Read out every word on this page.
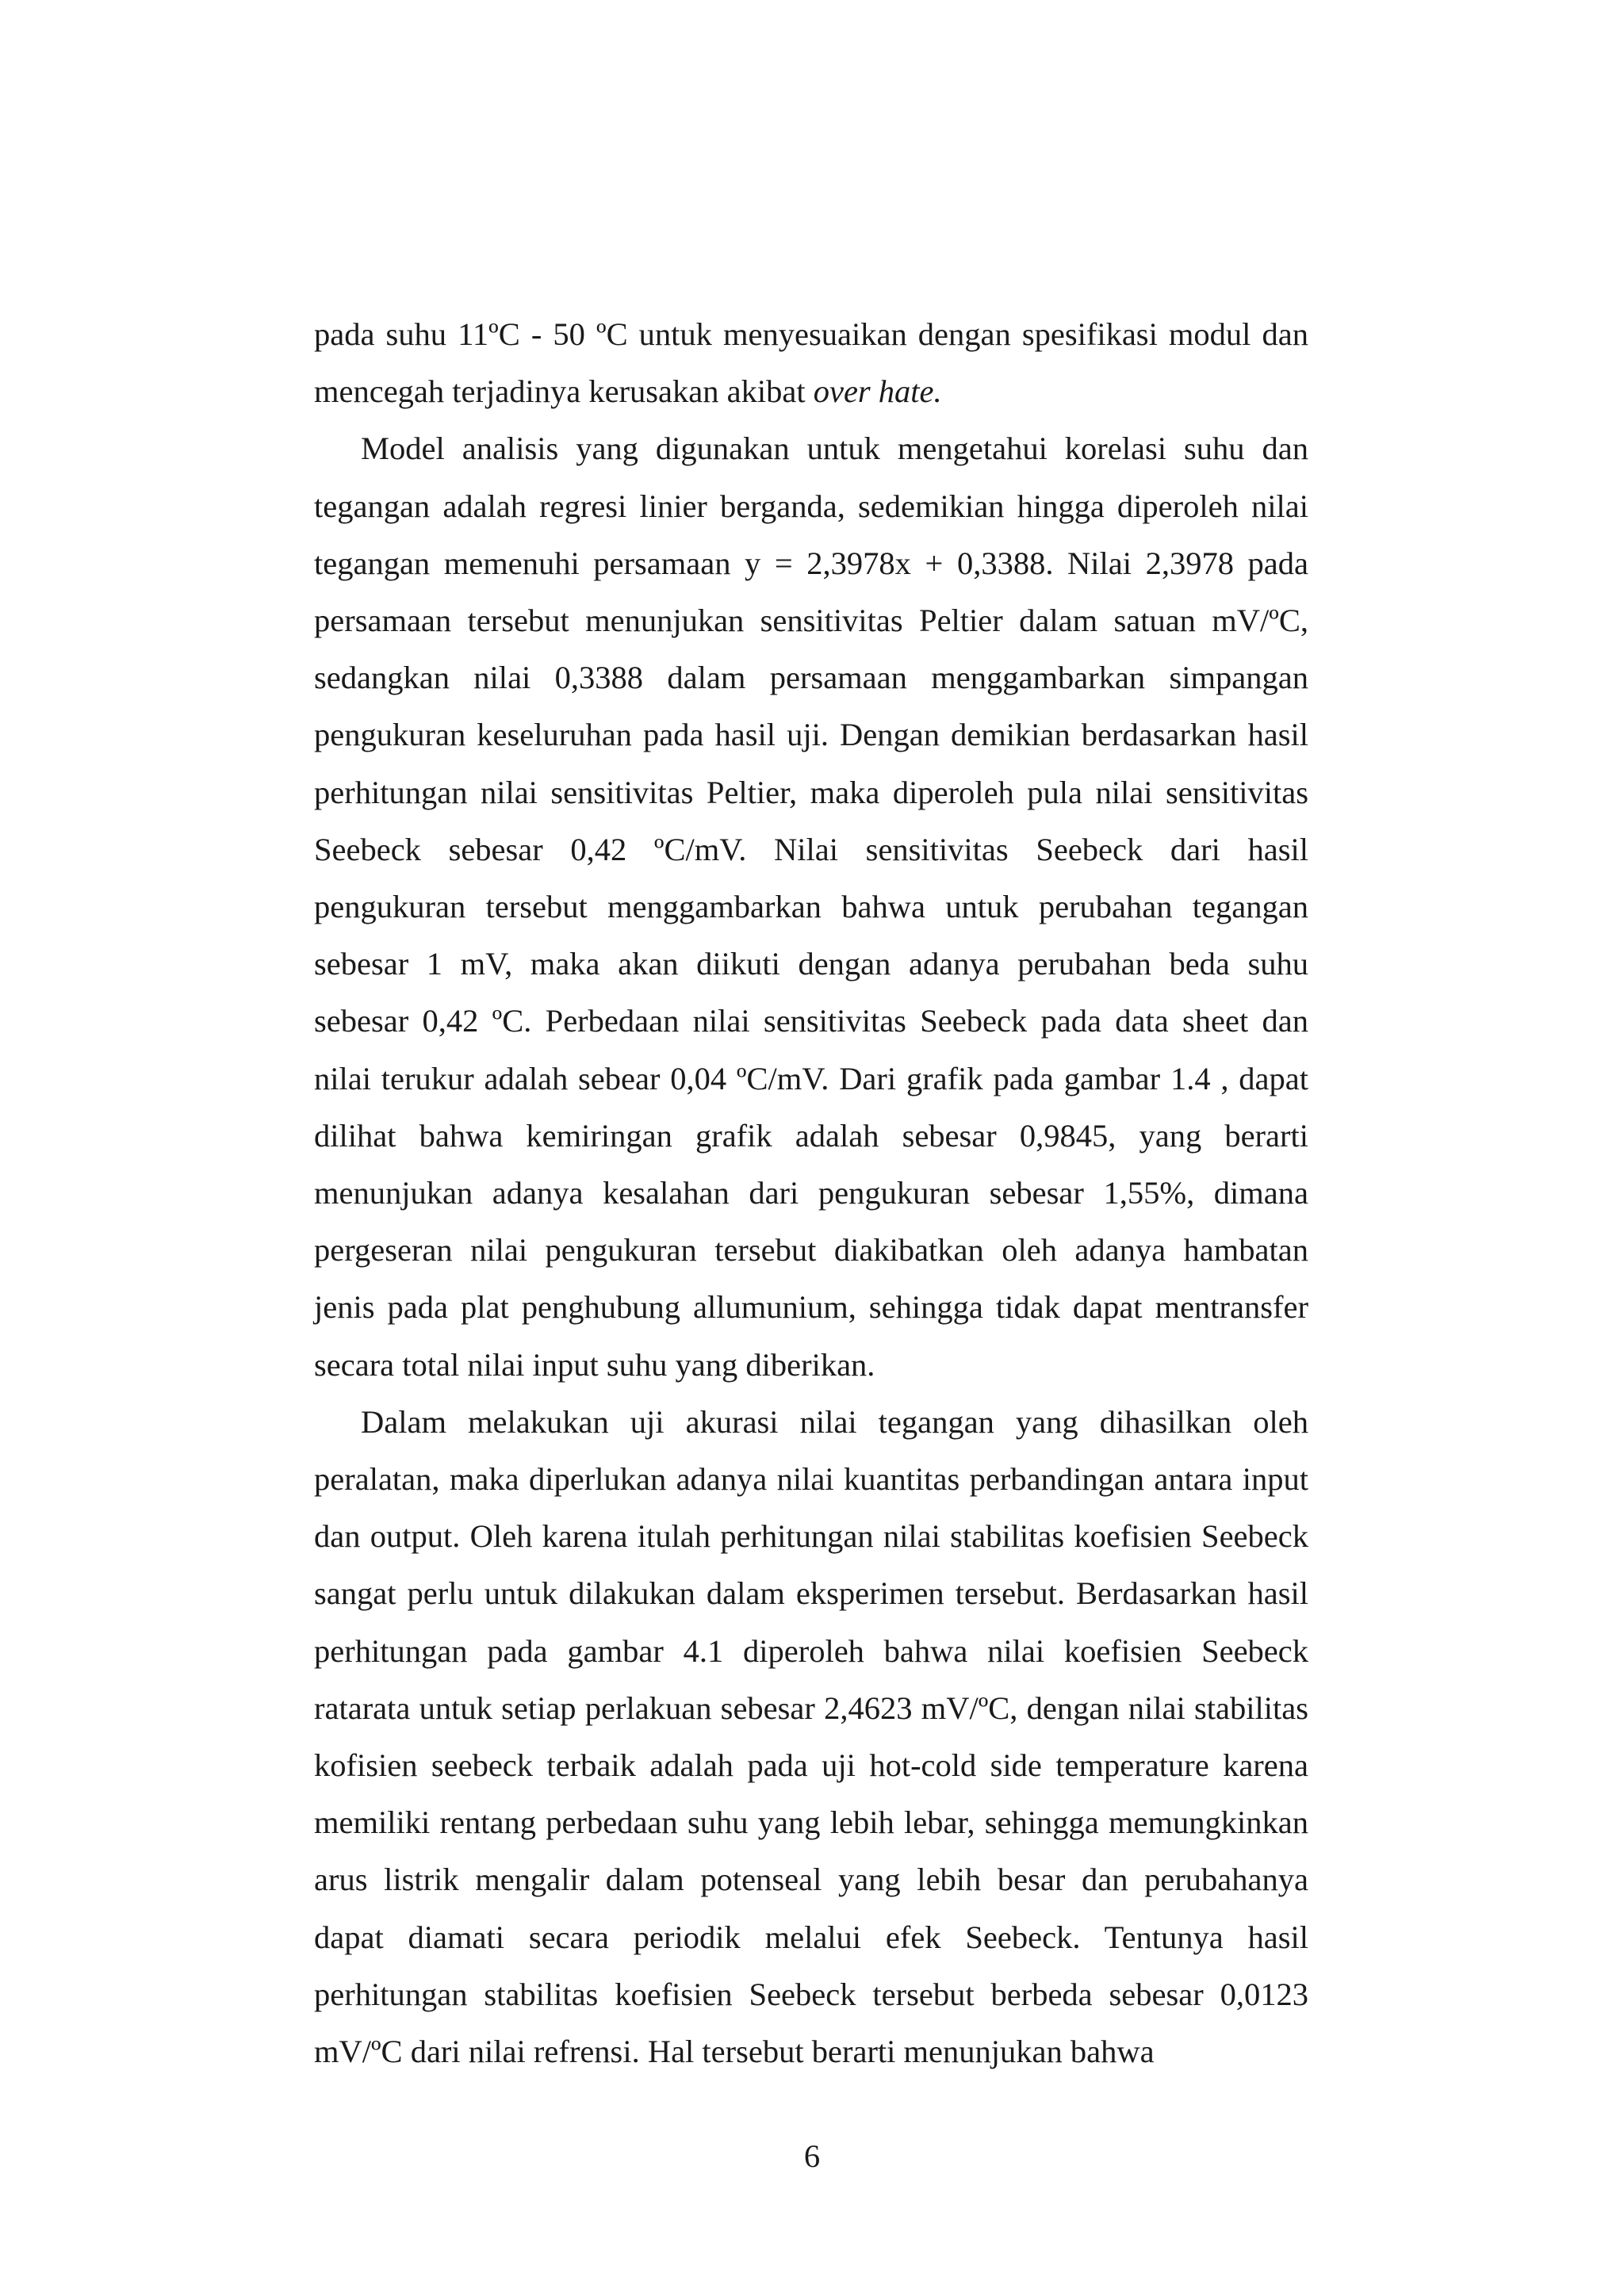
pada suhu 11ºC - 50 ºC untuk menyesuaikan dengan spesifikasi modul dan mencegah terjadinya kerusakan akibat over hate.

Model analisis yang digunakan untuk mengetahui korelasi suhu dan tegangan adalah regresi linier berganda, sedemikian hingga diperoleh nilai tegangan memenuhi persamaan y = 2,3978x + 0,3388. Nilai 2,3978 pada persamaan tersebut menunjukan sensitivitas Peltier dalam satuan mV/ºC, sedangkan nilai 0,3388 dalam persamaan menggambarkan simpangan pengukuran keseluruhan pada hasil uji. Dengan demikian berdasarkan hasil perhitungan nilai sensitivitas Peltier, maka diperoleh pula nilai sensitivitas Seebeck sebesar 0,42 ºC/mV. Nilai sensitivitas Seebeck dari hasil pengukuran tersebut menggambarkan bahwa untuk perubahan tegangan sebesar 1 mV, maka akan diikuti dengan adanya perubahan beda suhu sebesar 0,42 ºC. Perbedaan nilai sensitivitas Seebeck pada data sheet dan nilai terukur adalah sebear 0,04 ºC/mV. Dari grafik pada gambar 1.4 , dapat dilihat bahwa kemiringan grafik adalah sebesar 0,9845, yang berarti menunjukan adanya kesalahan dari pengukuran sebesar 1,55%, dimana pergeseran nilai pengukuran tersebut diakibatkan oleh adanya hambatan jenis pada plat penghubung allumunium, sehingga tidak dapat mentransfer secara total nilai input suhu yang diberikan.

Dalam melakukan uji akurasi nilai tegangan yang dihasilkan oleh peralatan, maka diperlukan adanya nilai kuantitas perbandingan antara input dan output. Oleh karena itulah perhitungan nilai stabilitas koefisien Seebeck sangat perlu untuk dilakukan dalam eksperimen tersebut. Berdasarkan hasil perhitungan pada gambar 4.1 diperoleh bahwa nilai koefisien Seebeck ratarata untuk setiap perlakuan sebesar 2,4623 mV/ºC, dengan nilai stabilitas kofisien seebeck terbaik adalah pada uji hot-cold side temperature karena memiliki rentang perbedaan suhu yang lebih lebar, sehingga memungkinkan arus listrik mengalir dalam potenseal yang lebih besar dan perubahanya dapat diamati secara periodik melalui efek Seebeck. Tentunya hasil perhitungan stabilitas koefisien Seebeck tersebut berbeda sebesar 0,0123 mV/ºC dari nilai refrensi. Hal tersebut berarti menunjukan bahwa

6
